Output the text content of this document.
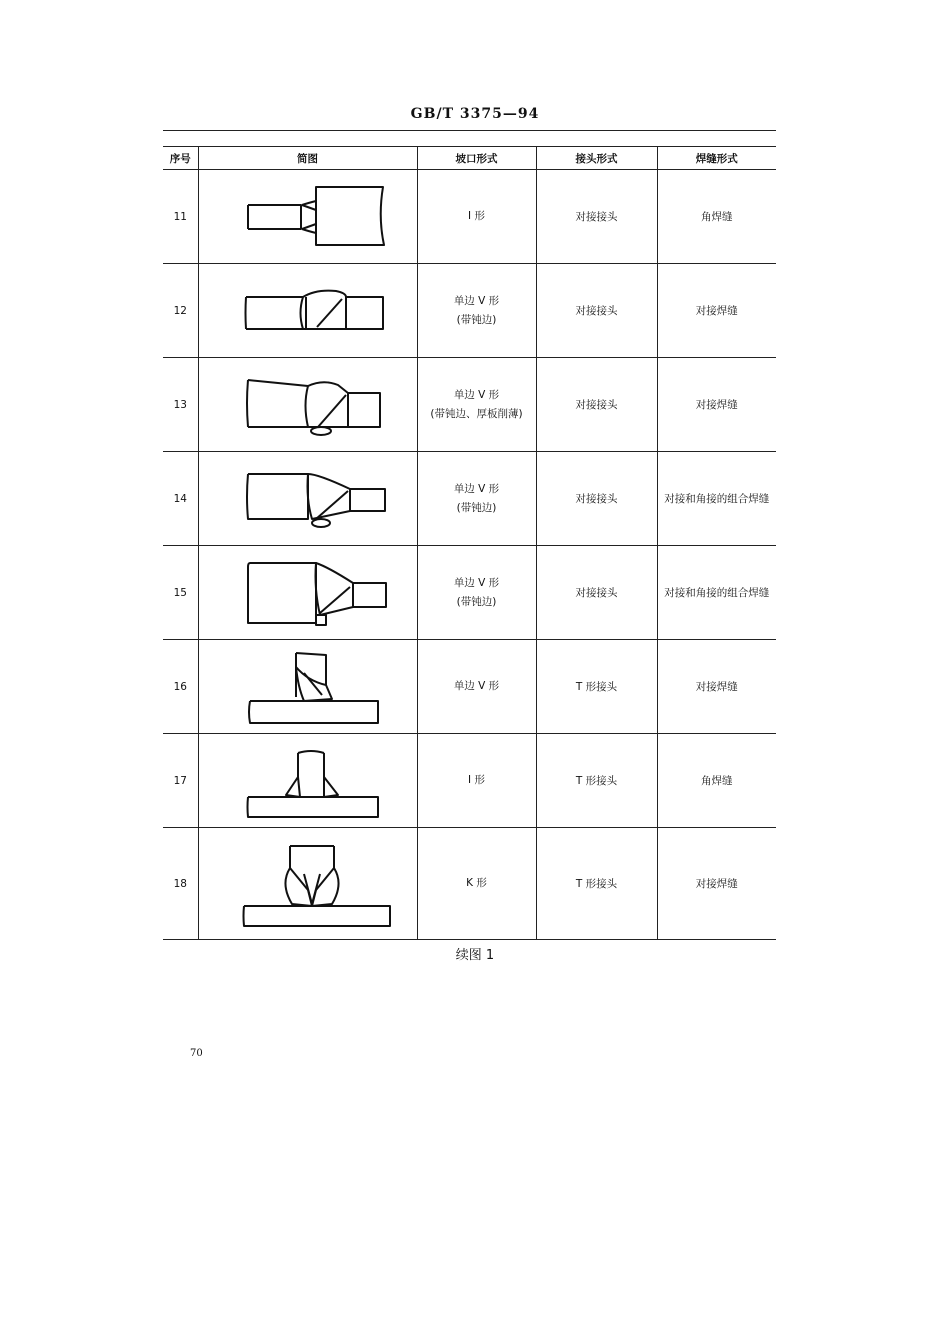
GB/T 3375—94
序号	简图	坡口形式	接头形式	焊缝形式
11		I 形	对接接头	角焊缝
12		单边 V 形
(带钝边)	对接接头	对接焊缝
13		单边 V 形
(带钝边、厚板削薄)	对接接头	对接焊缝
14		单边 V 形
(带钝边)	对接接头	对接和角接的组合焊缝
15		单边 V 形
(带钝边)	对接接头	对接和角接的组合焊缝
16		单边 V 形	T 形接头	对接焊缝
17		I 形	T 形接头	角焊缝
18		K 形	T 形接头	对接焊缝
续图 1
70
